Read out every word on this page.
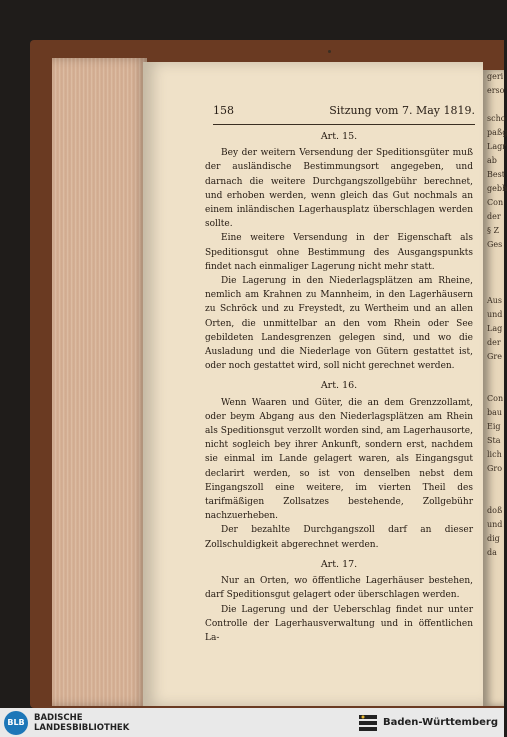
geri
erso

scho
paßg
Lagr
ab
Best
gebh
Con
der
§ Z
Ges

Aus
und
Lag
der
Gre

Con
bau
Eig
Sta
lich
Gro

doß
und
dig
da
158	Sitzung vom 7. May 1819.
Art. 15.

Bey der weitern Versendung der Speditionsgüter muß der ausländische Bestimmungsort angegeben, und darnach die weitere Durchgangszollgebühr berechnet, und erhoben werden, wenn gleich das Gut nochmals an einem inländischen Lagerhausplatz überschlagen werden sollte.

Eine weitere Versendung in der Eigenschaft als Speditionsgut ohne Bestimmung des Ausgangspunkts findet nach einmaliger Lagerung nicht mehr statt.

Die Lagerung in den Niederlagsplätzen am Rheine, nemlich am Krahnen zu Mannheim, in den Lagerhäusern zu Schröck und zu Freystedt, zu Wertheim und an allen Orten, die unmittelbar an den vom Rhein oder See gebildeten Landesgrenzen gelegen sind, und wo die Ausladung und die Niederlage von Gütern gestattet ist, oder noch gestattet wird, soll nicht gerechnet werden.

Art. 16.

Wenn Waaren und Güter, die an dem Grenzzollamt, oder beym Abgang aus den Niederlagsplätzen am Rhein als Speditionsgut verzollt worden sind, am Lagerhausorte, nicht sogleich bey ihrer Ankunft, sondern erst, nachdem sie einmal im Lande gelagert waren, als Eingangsgut declarirt werden, so ist von denselben nebst dem Eingangszoll eine weitere, im vierten Theil des tarifmäßigen Zollsatzes bestehende, Zollgebühr nachzuerheben.

Der bezahlte Durchgangszoll darf an dieser Zollschuldigkeit abgerechnet werden.

Art. 17.

Nur an Orten, wo öffentliche Lagerhäuser bestehen, darf Speditionsgut gelagert oder überschlagen werden.

Die Lagerung und der Ueberschlag findet nur unter Controlle der Lagerhausverwaltung und in öffentlichen La-

BLB	BADISCHE
LANDESBIBLIOTHEK	Baden-Württemberg
